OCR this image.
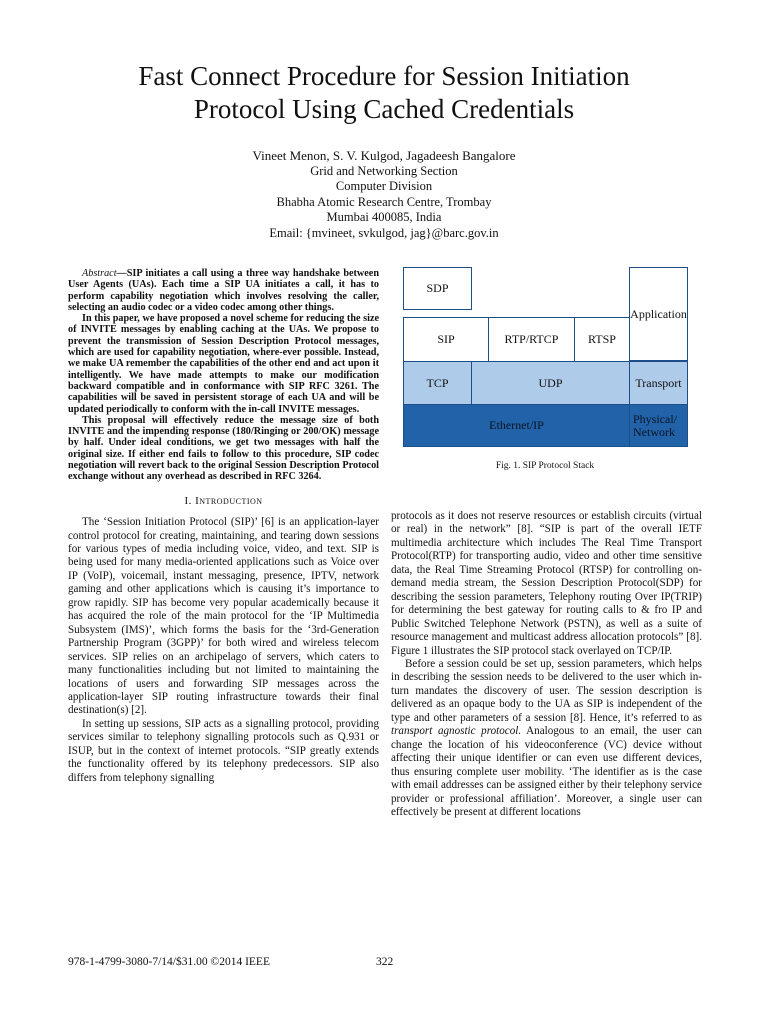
Fast Connect Procedure for Session Initiation
Protocol Using Cached Credentials
Vineet Menon, S. V. Kulgod, Jagadeesh Bangalore
Grid and Networking Section
Computer Division
Bhabha Atomic Research Centre, Trombay
Mumbai 400085, India
Email: {mvineet, svkulgod, jag}@barc.gov.in

Abstract—SIP initiates a call using a three way handshake between User Agents (UAs). Each time a SIP UA initiates a call, it has to perform capability negotiation which involves resolving the caller, selecting an audio codec or a video codec among other things.

In this paper, we have proposed a novel scheme for reducing the size of INVITE messages by enabling caching at the UAs. We propose to prevent the transmission of Session Description Protocol messages, which are used for capability negotiation, where-ever possible. Instead, we make UA remember the capabilities of the other end and act upon it intelligently. We have made attempts to make our modification backward compatible and in conformance with SIP RFC 3261. The capabilities will be saved in persistent storage of each UA and will be updated periodically to conform with the in-call INVITE messages.

This proposal will effectively reduce the message size of both INVITE and the impending response (180/Ringing or 200/OK) message by half. Under ideal conditions, we get two messages with half the original size. If either end fails to follow to this procedure, SIP codec negotiation will revert back to the original Session Description Protocol exchange without any overhead as described in RFC 3264.

I. Introduction

The ‘Session Initiation Protocol (SIP)’ [6] is an application-layer control protocol for creating, maintaining, and tearing down sessions for various types of media including voice, video, and text. SIP is being used for many media-oriented applications such as Voice over IP (VoIP), voicemail, instant messaging, presence, IPTV, network gaming and other applications which is causing it’s importance to grow rapidly. SIP has become very popular academically because it has acquired the role of the main protocol for the ‘IP Multimedia Subsystem (IMS)’, which forms the basis for the ‘3rd-Generation Partnership Program (3GPP)’ for both wired and wireless telecom services. SIP relies on an archipelago of servers, which caters to many functionalities including but not limited to maintaining the locations of users and forwarding SIP messages across the application-layer SIP routing infrastructure towards their final destination(s) [2].

In setting up sessions, SIP acts as a signalling protocol, providing services similar to telephony signalling protocols such as Q.931 or ISUP, but in the context of internet protocols. “SIP greatly extends the functionality offered by its telephony predecessors. SIP also differs from telephony signalling

SDP
Application
SIP	RTP/RTCP	RTSP
TCP	UDP	Transport
Ethernet/IP	Physical/ Network
Fig. 1. SIP Protocol Stack

protocols as it does not reserve resources or establish circuits (virtual or real) in the network” [8]. “SIP is part of the overall IETF multimedia architecture which includes The Real Time Transport Protocol(RTP) for transporting audio, video and other time sensitive data, the Real Time Streaming Protocol (RTSP) for controlling on-demand media stream, the Session Description Protocol(SDP) for describing the session parameters, Telephony routing Over IP(TRIP) for determining the best gateway for routing calls to & fro IP and Public Switched Telephone Network (PSTN), as well as a suite of resource management and multicast address allocation protocols” [8]. Figure 1 illustrates the SIP protocol stack overlayed on TCP/IP.

Before a session could be set up, session parameters, which helps in describing the session needs to be delivered to the user which in-turn mandates the discovery of user. The session description is delivered as an opaque body to the UA as SIP is independent of the type and other parameters of a session [8]. Hence, it’s referred to as transport agnostic protocol. Analogous to an email, the user can change the location of his videoconference (VC) device without affecting their unique identifier or can even use different devices, thus ensuring complete user mobility. ‘The identifier as is the case with email addresses can be assigned either by their telephony service provider or professional affiliation’. Moreover, a single user can effectively be present at different locations

978-1-4799-3080-7/14/$31.00 ©2014 IEEE	322
